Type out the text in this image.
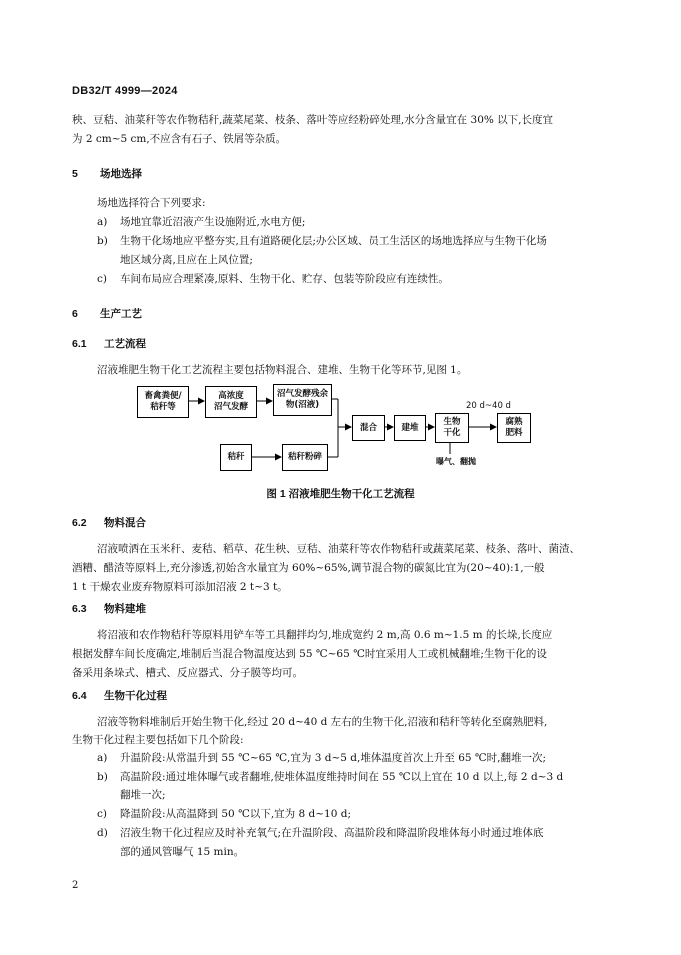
DB32/T 4999—2024
秧、豆秸、油菜秆等农作物秸秆,蔬菜尾菜、枝条、落叶等应经粉碎处理,水分含量宜在 30% 以下,长度宜
为 2 cm~5 cm,不应含有石子、铁屑等杂质。
5 场地选择
场地选择符合下列要求:
a) 场地宜靠近沼液产生设施附近,水电方便;
b) 生物干化场地应平整夯实,且有道路硬化层;办公区域、员工生活区的场地选择应与生物干化场
地区域分离,且应在上风位置;
c) 车间布局应合理紧凑,原料、生物干化、贮存、包装等阶段应有连续性。
6 生产工艺
6.1 工艺流程
沼液堆肥生物干化工艺流程主要包括物料混合、建堆、生物干化等环节,见图 1。
畜禽粪便/
秸秆等
高浓度
沼气发酵
沼气发酵残余
物(沼液)
秸秆	秸秆粉碎
混合	建堆
生物
干化
腐熟
肥料
20 d~40 d
曝气、翻抛
图 1 沼液堆肥生物干化工艺流程
6.2 物料混合
沼液喷洒在玉米秆、麦秸、稻草、花生秧、豆秸、油菜秆等农作物秸秆或蔬菜尾菜、枝条、落叶、菌渣、
酒糟、醋渣等原料上,充分渗透,初始含水量宜为 60%~65%,调节混合物的碳氮比宜为(20~40):1,一般
1 t 干燥农业废弃物原料可添加沼液 2 t~3 t。
6.3 物料建堆
将沼液和农作物秸秆等原料用铲车等工具翻拌均匀,堆成宽约 2 m,高 0.6 m~1.5 m 的长垛,长度应
根据发酵车间长度确定,堆制后当混合物温度达到 55 ℃~65 ℃时宜采用人工或机械翻堆;生物干化的设
备采用条垛式、槽式、反应器式、分子膜等均可。
6.4 生物干化过程
沼液等物料堆制后开始生物干化,经过 20 d~40 d 左右的生物干化,沼液和秸秆等转化至腐熟肥料,
生物干化过程主要包括如下几个阶段:
a) 升温阶段:从常温升到 55 ℃~65 ℃,宜为 3 d~5 d,堆体温度首次上升至 65 ℃时,翻堆一次;
b) 高温阶段:通过堆体曝气或者翻堆,使堆体温度维持时间在 55 ℃以上宜在 10 d 以上,每 2 d~3 d
翻堆一次;
c) 降温阶段:从高温降到 50 ℃以下,宜为 8 d~10 d;
d) 沼液生物干化过程应及时补充氧气;在升温阶段、高温阶段和降温阶段堆体每小时通过堆体底
部的通风管曝气 15 min。
2
